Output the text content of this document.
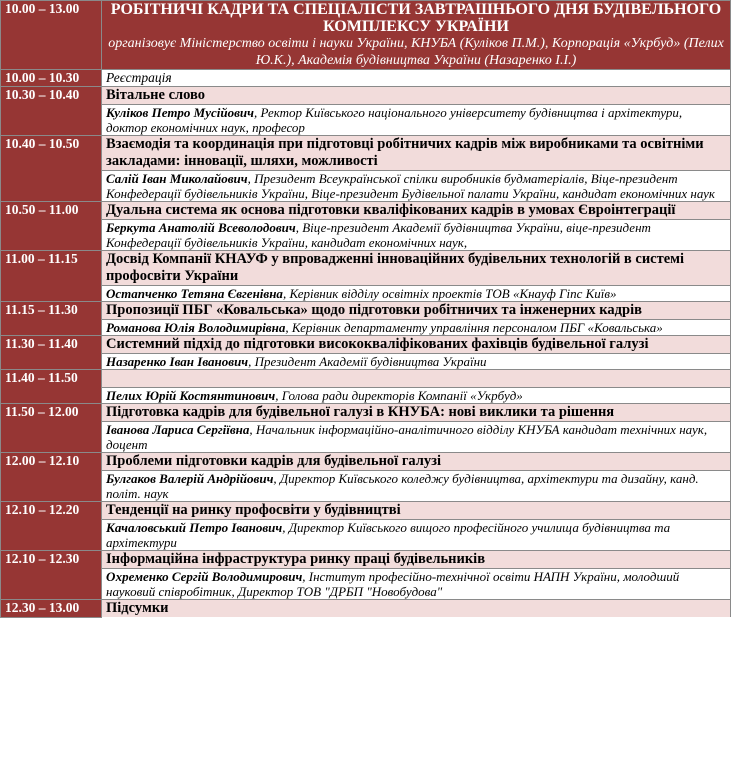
10.00 – 13.00	РОБІТНИЧІ КАДРИ ТА СПЕЦІАЛІСТИ ЗАВТРАШНЬОГО ДНЯ БУДІВЕЛЬНОГО КОМПЛЕКСУ УКРАЇНИ
організовує Міністерство освіти і науки України, КНУБА (Куліков П.М.), Корпорація «Укрбуд» (Пелих Ю.К.), Академія будівництва України (Назаренко І.І.)

10.00 – 10.30	Реєстрація
10.30 – 10.40	Вітальне слово
	Куліков Петро Мусійович, Ректор Київського національного університету будівництва і архітектури, доктор економічних наук, професор
10.40 – 10.50	Взаємодія та координація при підготовці робітничих кадрів між виробниками та освітніми закладами: інновації, шляхи, можливості
	Салій Іван Миколайович, Президент Всеукраїнської спілки виробників будматеріалів, Віце-президент Конфедерації будівельників України, Віце-президент Будівельної палати України, кандидат економічних наук
10.50 – 11.00	Дуальна система як основа підготовки кваліфікованих кадрів в умовах Євроінтеграції
	Беркута Анатолій Всеволодович, Віце-президент Академії будівництва України, віце-президент Конфедерації будівельників України, кандидат економічних наук,
11.00 – 11.15	Досвід Компанії КНАУФ у впровадженні інноваційних будівельних технологій в системі профосвіти України
	Остапченко Тетяна Євгенівна, Керівник відділу освітніх проектів ТОВ «Кнауф Гіпс Київ»
11.15 – 11.30	Пропозиції ПБГ «Ковальська» щодо підготовки робітничих та інженерних кадрів
	Романова Юлія Володимирівна, Керівник департаменту управління персоналом ПБГ «Ковальська»
11.30 – 11.40	Системний підхід до підготовки висококваліфікованих фахівців будівельної галузі
	Назаренко Іван Іванович, Президент Академії будівництва України
11.40 – 11.50	
	Пелих Юрій Костянтинович, Голова ради директорів Компанії «Укрбуд»
11.50 – 12.00	Підготовка кадрів для будівельної галузі в КНУБА: нові виклики та рішення
	Іванова Лариса Сергіївна, Начальник інформаційно-аналітичного відділу КНУБА кандидат технічних наук, доцент
12.00 – 12.10	Проблеми підготовки кадрів для будівельної галузі
	Булгаков Валерій Андрійович, Директор Київського коледжу будівництва, архітектури та дизайну, канд. політ. наук
12.10 – 12.20	Тенденції на ринку профосвіти у будівництві
	Качаловський Петро Іванович, Директор Київського вищого професійного училища будівництва та архітектури
12.10 – 12.30	Інформаційна інфраструктура ринку праці будівельників
	Охременко Сергій Володимирович, Інститут професійно-технічної освіти НАПН України, молодший науковий співробітник, Директор ТОВ "ДРБП "Новобудова"
12.30 – 13.00	Підсумки
